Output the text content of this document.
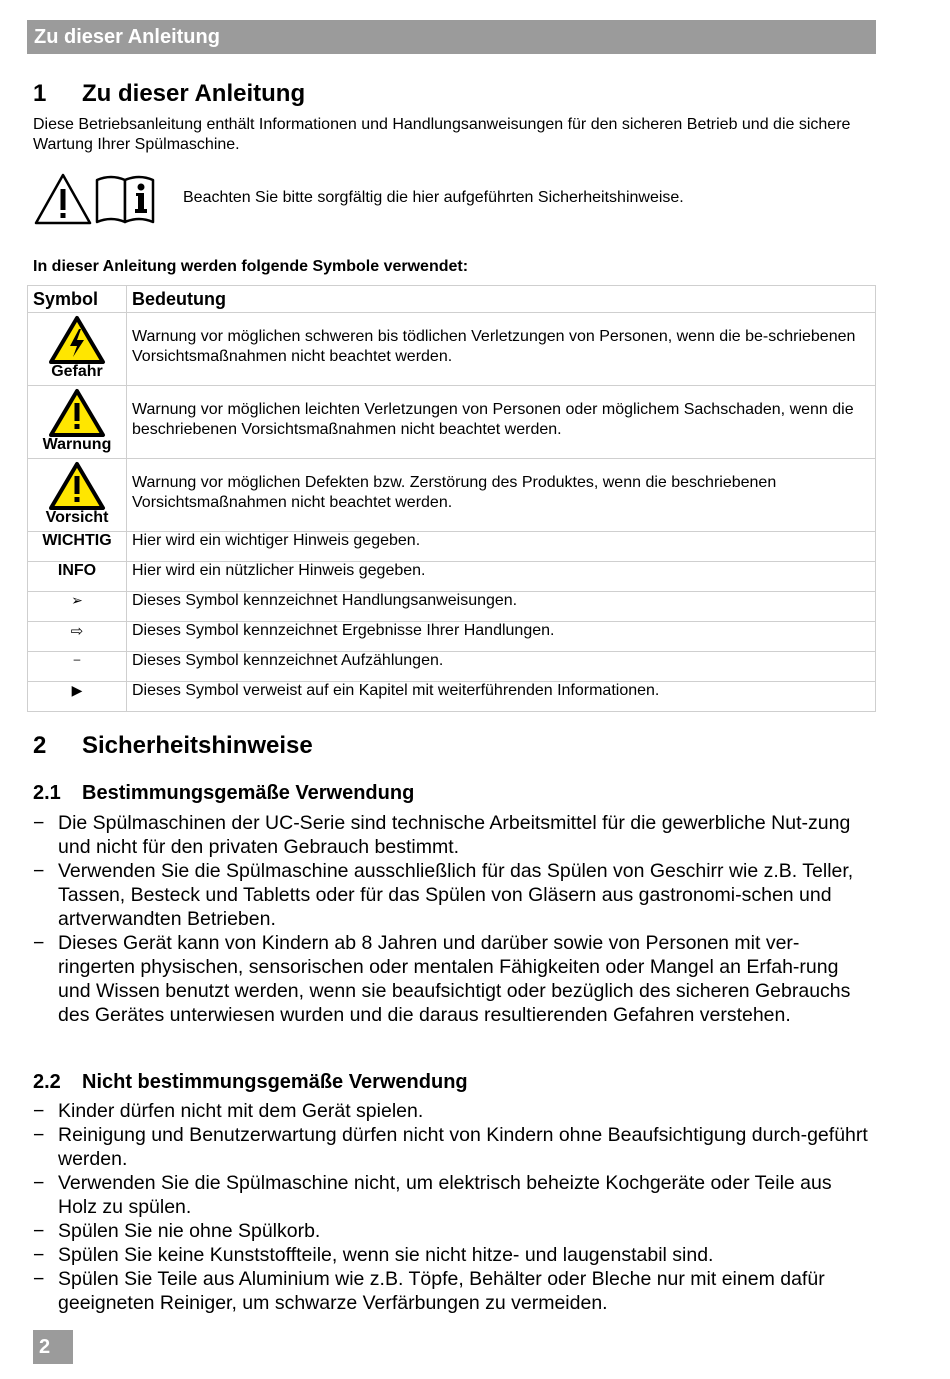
Zu dieser Anleitung
1 Zu dieser Anleitung

Diese Betriebsanleitung enthält Informationen und Handlungsanweisungen für den sicheren Betrieb und die sichere Wartung Ihrer Spülmaschine.

Beachten Sie bitte sorgfältig die hier aufgeführten Sicherheitshinweise.

In dieser Anleitung werden folgende Symbole verwendet:

Symbol	Bedeutung

Gefahr	Warnung vor möglichen schweren bis tödlichen Verletzungen von Personen, wenn die be-schriebenen Vorsichtsmaßnahmen nicht beachtet werden.

Warnung	Warnung vor möglichen leichten Verletzungen von Personen oder möglichem Sachschaden, wenn die beschriebenen Vorsichtsmaßnahmen nicht beachtet werden.

Vorsicht	Warnung vor möglichen Defekten bzw. Zerstörung des Produktes, wenn die beschriebenen Vorsichtsmaßnahmen nicht beachtet werden.
WICHTIG	Hier wird ein wichtiger Hinweis gegeben.
INFO	Hier wird ein nützlicher Hinweis gegeben.
➢	Dieses Symbol kennzeichnet Handlungsanweisungen.
⇨	Dieses Symbol kennzeichnet Ergebnisse Ihrer Handlungen.
–	Dieses Symbol kennzeichnet Aufzählungen.
▶	Dieses Symbol verweist auf ein Kapitel mit weiterführenden Informationen.
2 Sicherheitshinweise
2.1 Bestimmungsgemäße Verwendung
− Die Spülmaschinen der UC-Serie sind technische Arbeitsmittel für die gewerbliche Nut-zung und nicht für den privaten Gebrauch bestimmt.
− Verwenden Sie die Spülmaschine ausschließlich für das Spülen von Geschirr wie z.B. Teller, Tassen, Besteck und Tabletts oder für das Spülen von Gläsern aus gastronomi-schen und artverwandten Betrieben.
− Dieses Gerät kann von Kindern ab 8 Jahren und darüber sowie von Personen mit ver-ringerten physischen, sensorischen oder mentalen Fähigkeiten oder Mangel an Erfah-rung und Wissen benutzt werden, wenn sie beaufsichtigt oder bezüglich des sicheren Gebrauchs des Gerätes unterwiesen wurden und die daraus resultierenden Gefahren verstehen.
2.2 Nicht bestimmungsgemäße Verwendung
− Kinder dürfen nicht mit dem Gerät spielen.
− Reinigung und Benutzerwartung dürfen nicht von Kindern ohne Beaufsichtigung durch-geführt werden.
− Verwenden Sie die Spülmaschine nicht, um elektrisch beheizte Kochgeräte oder Teile aus Holz zu spülen.
− Spülen Sie nie ohne Spülkorb.
− Spülen Sie keine Kunststoffteile, wenn sie nicht hitze- und laugenstabil sind.
− Spülen Sie Teile aus Aluminium wie z.B. Töpfe, Behälter oder Bleche nur mit einem dafür geeigneten Reiniger, um schwarze Verfärbungen zu vermeiden.
2
